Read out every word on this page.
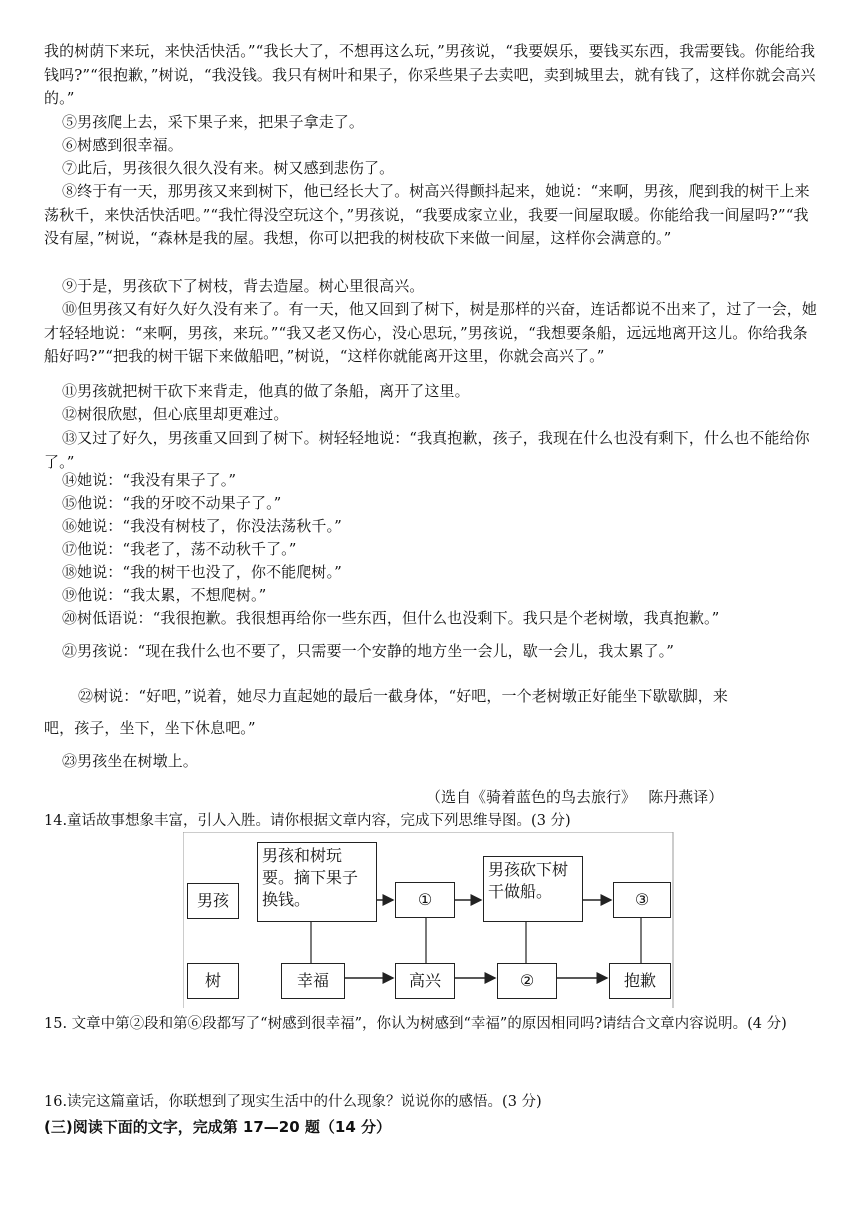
我的树荫下来玩，来快活快活。”“我长大了，不想再这么玩，”男孩说，“我要娱乐，要钱买东西，我需要钱。你能给我钱吗?”“很抱歉，”树说，“我没钱。我只有树叶和果子，你采些果子去卖吧，卖到城里去，就有钱了，这样你就会高兴的。”
⑤男孩爬上去，采下果子来，把果子拿走了。
⑥树感到很幸福。
⑦此后，男孩很久很久没有来。树又感到悲伤了。
⑧终于有一天，那男孩又来到树下，他已经长大了。树高兴得颤抖起来，她说：“来啊，男孩，爬到我的树干上来荡秋千，来快活快活吧。”“我忙得没空玩这个，”男孩说，“我要成家立业，我要一间屋取暖。你能给我一间屋吗?”“我没有屋，”树说，“森林是我的屋。我想，你可以把我的树枝砍下来做一间屋，这样你会满意的。”
⑨于是，男孩砍下了树枝，背去造屋。树心里很高兴。
⑩但男孩又有好久好久没有来了。有一天，他又回到了树下，树是那样的兴奋，连话都说不出来了，过了一会，她才轻轻地说：“来啊，男孩，来玩。”“我又老又伤心，没心思玩，”男孩说，“我想要条船，远远地离开这儿。你给我条船好吗?”“把我的树干锯下来做船吧，”树说，“这样你就能离开这里，你就会高兴了。”
⑪男孩就把树干砍下来背走，他真的做了条船，离开了这里。
⑫树很欣慰，但心底里却更难过。
⑬又过了好久，男孩重又回到了树下。树轻轻地说：“我真抱歉，孩子，我现在什么也没有剩下，什么也不能给你了。”
⑭她说：“我没有果子了。”
⑮他说：“我的牙咬不动果子了。”
⑯她说：“我没有树枝了，你没法荡秋千。”
⑰他说：“我老了，荡不动秋千了。”
⑱她说：“我的树干也没了，你不能爬树。”
⑲他说：“我太累，不想爬树。”
⑳树低语说：“我很抱歉。我很想再给你一些东西，但什么也没剩下。我只是个老树墩，我真抱歉。”
㉑男孩说：“现在我什么也不要了，只需要一个安静的地方坐一会儿，歇一会儿，我太累了。”
㉒树说：“好吧，”说着，她尽力直起她的最后一截身体，“好吧，一个老树墩正好能坐下歇歇脚，来
吧，孩子，坐下，坐下休息吧。”
㉓男孩坐在树墩上。
（选自《骑着蓝色的鸟去旅行》　 陈丹燕译）
14.童话故事想象丰富，引人入胜。请你根据文章内容，完成下列思维导图。(3 分)
男孩
树
男孩和树玩要。摘下果子换钱。	①
男孩砍下树干做船。	③
幸福	高兴	②	抱歉
15. 文章中第②段和第⑥段都写了“树感到很幸福”，你认为树感到“幸福”的原因相同吗?请结合文章内容说明。(4 分)
16.读完这篇童话，你联想到了现实生活中的什么现象？说说你的感悟。(3 分)
(三)阅读下面的文字，完成第 17—20 题（14 分）
